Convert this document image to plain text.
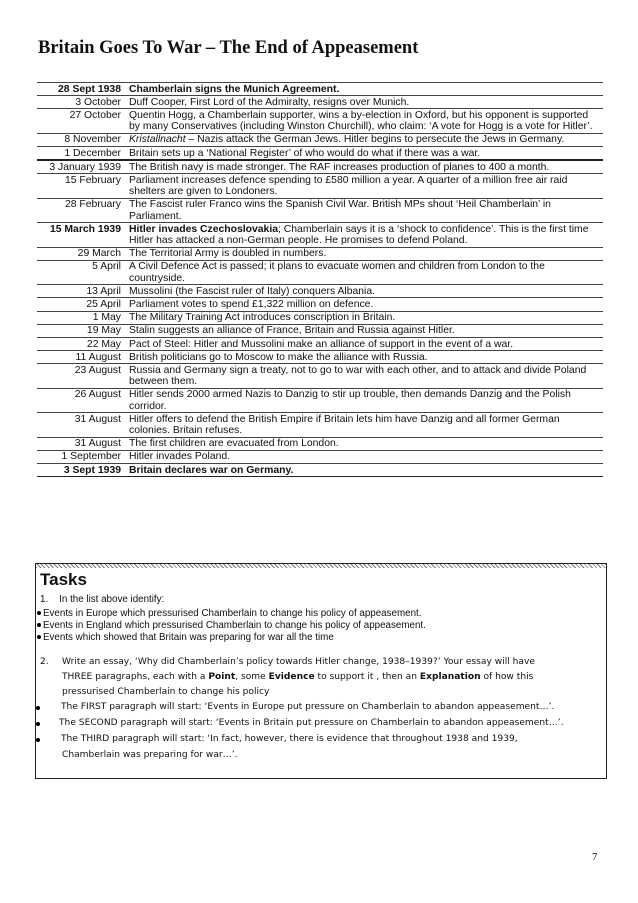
Britain Goes To War – The End of Appeasement
28 Sept 1938	Chamberlain signs the Munich Agreement.
3 October	Duff Cooper, First Lord of the Admiralty, resigns over Munich.
27 October	Quentin Hogg, a Chamberlain supporter, wins a by-election in Oxford, but his opponent is supported by many Conservatives (including Winston Churchill), who claim: ‘A vote for Hogg is a vote for Hitler’.
8 November	Kristallnacht – Nazis attack the German Jews. Hitler begins to persecute the Jews in Germany.
1 December	Britain sets up a ‘National Register’ of who would do what if there was a war.
3 January 1939	The British navy is made stronger. The RAF increases production of planes to 400 a month.
15 February	Parliament increases defence spending to £580 million a year. A quarter of a million free air raid shelters are given to Londoners.
28 February	The Fascist ruler Franco wins the Spanish Civil War. British MPs shout ‘Heil Chamberlain’ in Parliament.
15 March 1939	Hitler invades Czechoslovakia; Chamberlain says it is a ‘shock to confidence’. This is the first time Hitler has attacked a non-German people. He promises to defend Poland.
29 March	The Territorial Army is doubled in numbers.
5 April	A Civil Defence Act is passed; it plans to evacuate women and children from London to the countryside.
13 April	Mussolini (the Fascist ruler of Italy) conquers Albania.
25 April	Parliament votes to spend £1,322 million on defence.
1 May	The Military Training Act introduces conscription in Britain.
19 May	Stalin suggests an alliance of France, Britain and Russia against Hitler.
22 May	Pact of Steel: Hitler and Mussolini make an alliance of support in the event of a war.
11 August	British politicians go to Moscow to make the alliance with Russia.
23 August	Russia and Germany sign a treaty, not to go to war with each other, and to attack and divide Poland between them.
26 August	Hitler sends 2000 armed Nazis to Danzig to stir up trouble, then demands Danzig and the Polish corridor.
31 August	Hitler offers to defend the British Empire if Britain lets him have Danzig and all former German colonies. Britain refuses.
31 August	The first children are evacuated from London.
1 September	Hitler invades Poland.
3 Sept 1939	Britain declares war on Germany.
Tasks
1. In the list above identify:
Events in Europe which pressurised Chamberlain to change his policy of appeasement.
Events in England which pressurised Chamberlain to change his policy of appeasement.
Events which showed that Britain was preparing for war all the time
2. Write an essay, ‘Why did Chamberlain’s policy towards Hitler change, 1938–1939?’ Your essay will have
THREE paragraphs, each with a Point, some Evidence to support it , then an Explanation of how this
pressurised Chamberlain to change his policy
The FIRST paragraph will start: ‘Events in Europe put pressure on Chamberlain to abandon appeasement…’.
The SECOND paragraph will start: ‘Events in Britain put pressure on Chamberlain to abandon appeasement…’.
The THIRD paragraph will start: ‘In fact, however, there is evidence that throughout 1938 and 1939,
Chamberlain was preparing for war…’.
7
